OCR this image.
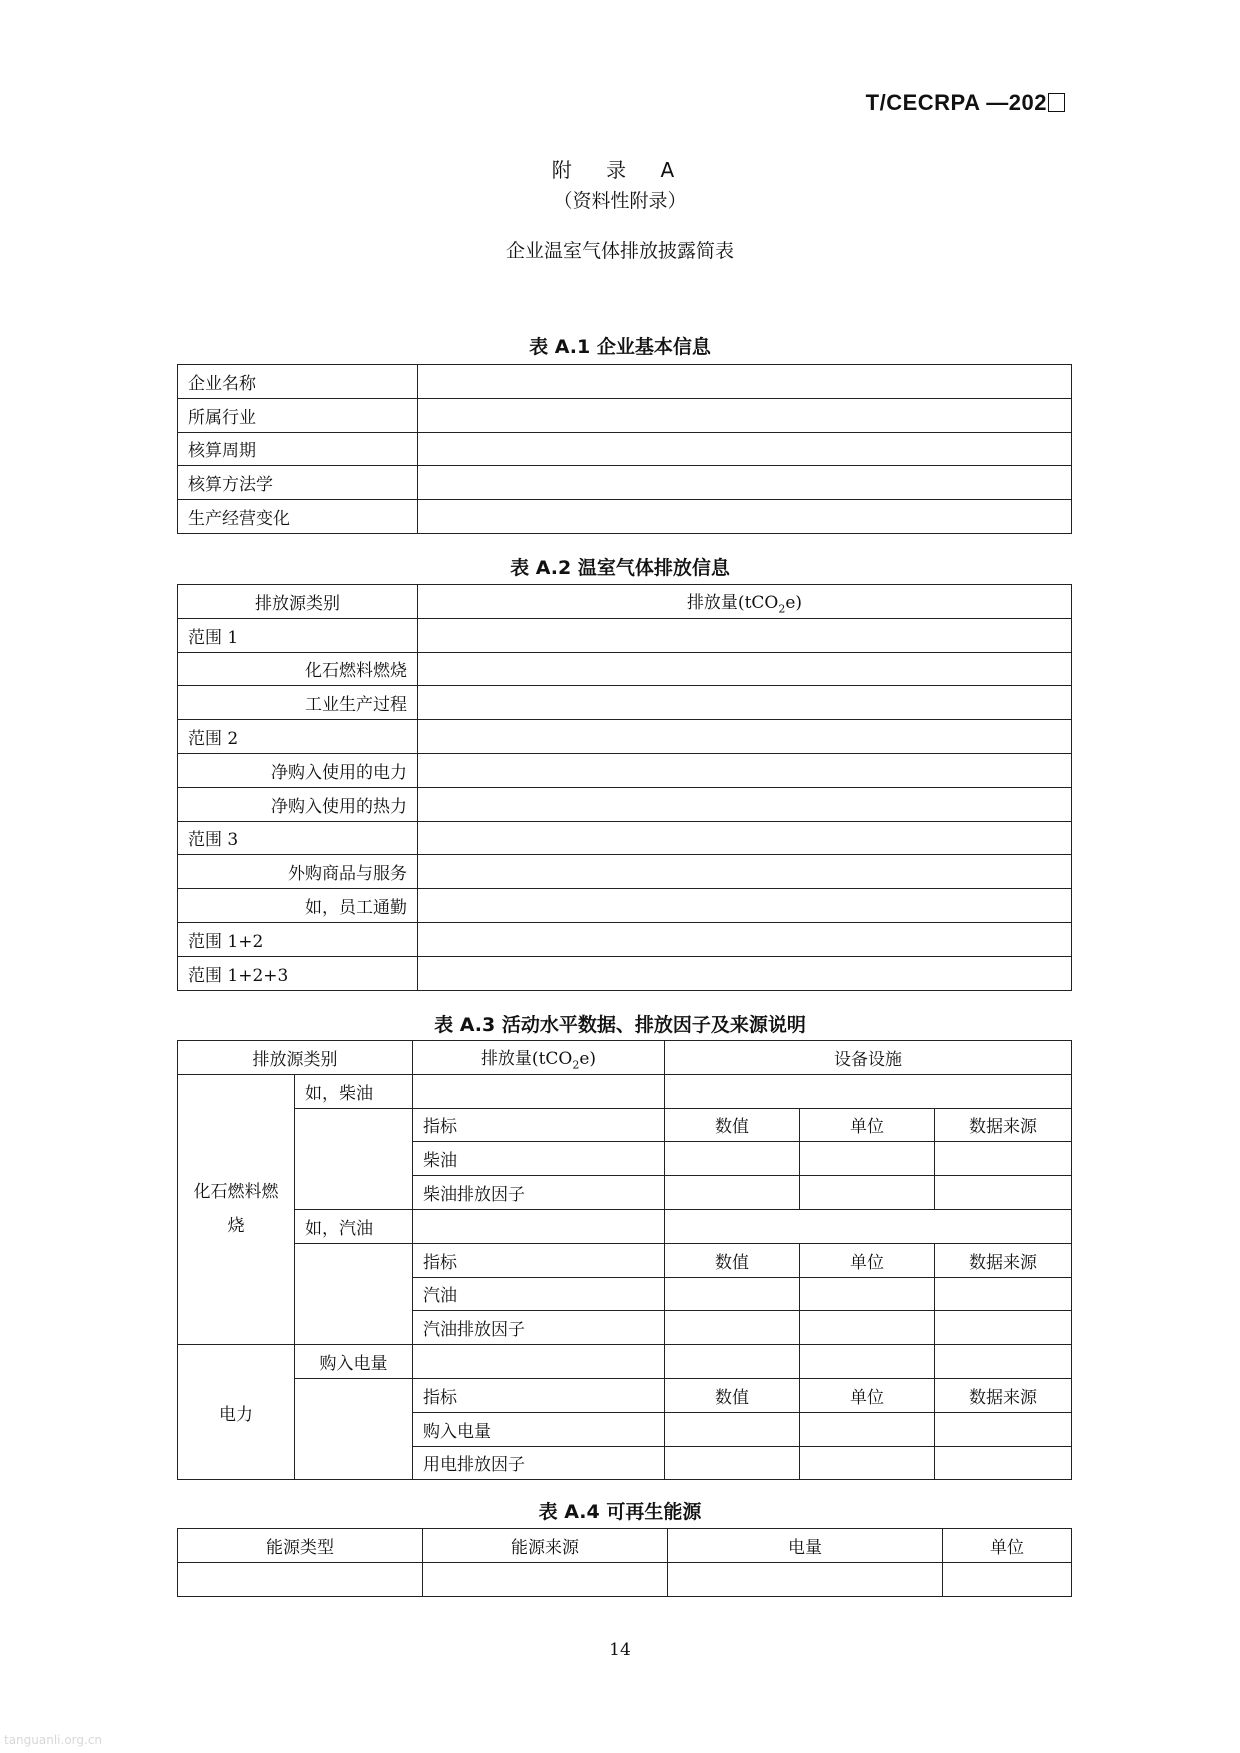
T/CECRPA —202
附 录 A
（资料性附录）
企业温室气体排放披露简表
表 A.1 企业基本信息
企业名称	
所属行业	
核算周期	
核算方法学	
生产经营变化	
表 A.2 温室气体排放信息
排放源类别	排放量(tCO$_2$e)
范围 1	
化石燃料燃烧	
工业生产过程	
范围 2	
净购入使用的电力	
净购入使用的热力	
范围 3	
外购商品与服务	
如，员工通勤	
范围 1+2	
范围 1+2+3	
表 A.3 活动水平数据、排放因子及来源说明
排放源类别		排放量(tCO$_2$e)	设备设施		
化石燃料燃烧	如，柴油				
		指标	数值	单位	数据来源
		柴油			
		柴油排放因子			
	如，汽油				
		指标	数值	单位	数据来源
		汽油			
		汽油排放因子			
电力	购入电量				
		指标	数值	单位	数据来源
		购入电量			
		用电排放因子			
表 A.4 可再生能源
能源类型	能源来源	电量	单位

14
tanguanli.org.cn
